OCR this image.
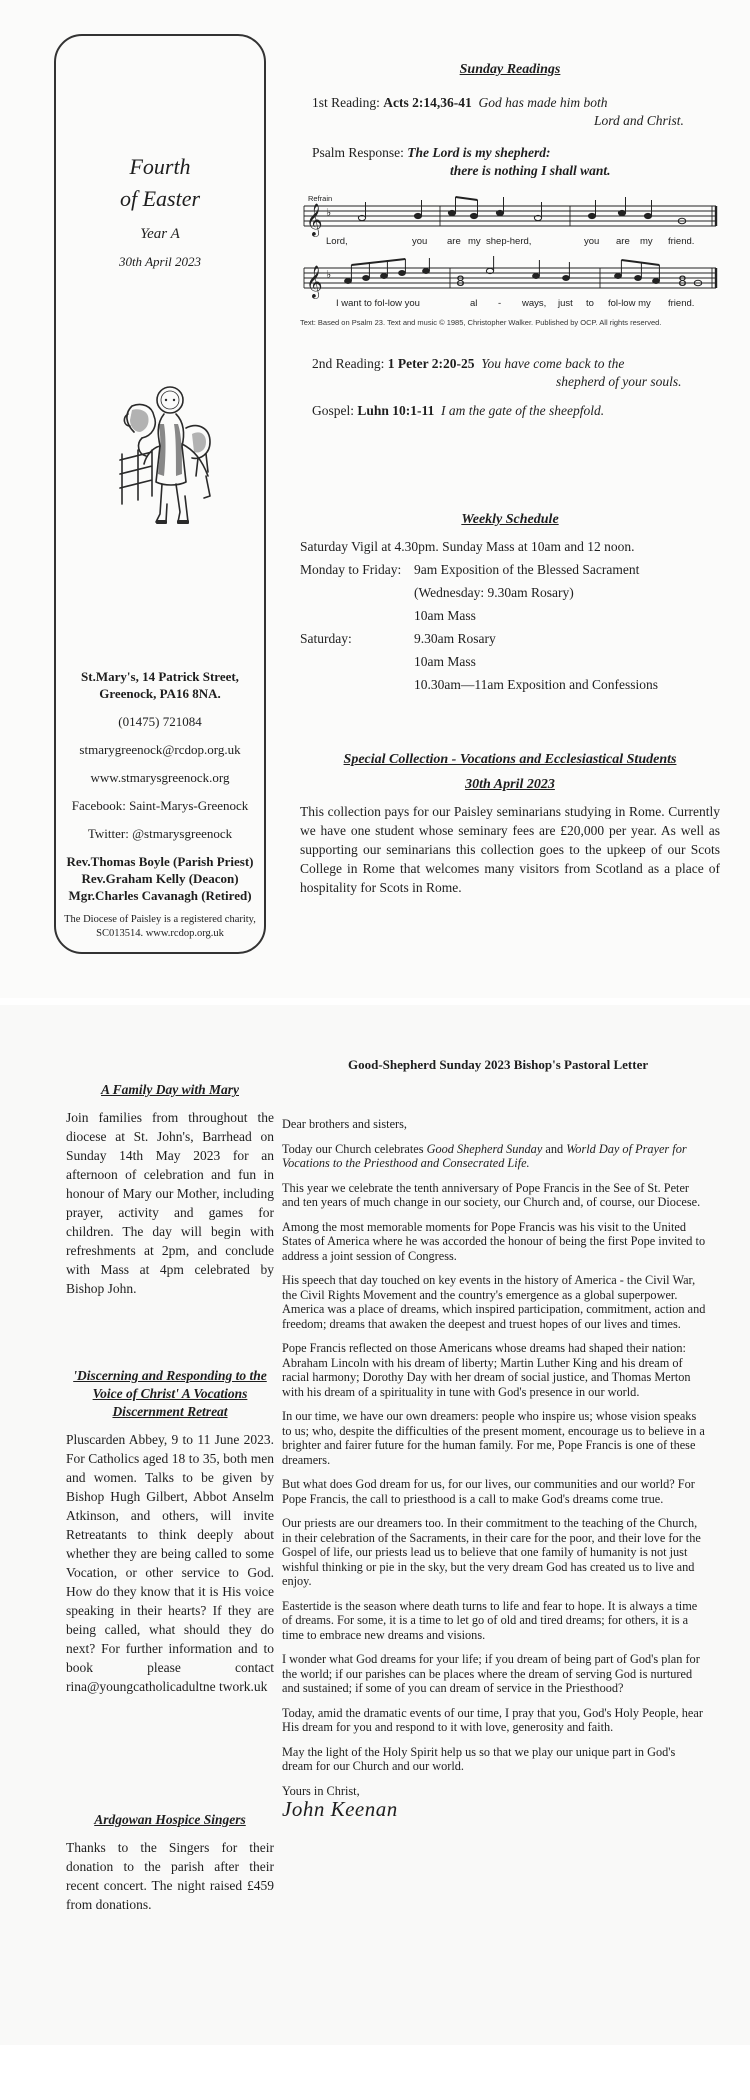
Fourth
of Easter
Year A
30th April 2023

St.Mary's, 14 Patrick Street,
Greenock, PA16 8NA.

(01475) 721084

stmarygreenock@rcdop.org.uk

www.stmarysgreenock.org

Facebook: Saint-Marys-Greenock

Twitter: @stmarysgreenock

Rev.Thomas Boyle (Parish Priest)
Rev.Graham Kelly (Deacon)
Mgr.Charles Cavanagh (Retired)
The Diocese of Paisley is a registered charity,
SC013514. www.rcdop.org.uk
Sunday Readings
1st Reading: Acts 2:14,36-41 God has made him both
Lord and Christ.
Psalm Response: The Lord is my shepherd:
there is nothing I shall want.
𝄞 ♭
Refrain
Lord,	you are my shep-herd,	you are my friend.
𝄞 ♭	8	8
I want to fol-low you	al - ways, just to fol-low my friend.
Text: Based on Psalm 23. Text and music © 1985, Christopher Walker. Published by OCP. All rights reserved.
2nd Reading: 1 Peter 2:20-25 You have come back to the
shepherd of your souls.
Gospel: Luhn 10:1-11 I am the gate of the sheepfold.
Weekly Schedule
Saturday Vigil at 4.30pm. Sunday Mass at 10am and 12 noon.
Monday to Friday: 9am Exposition of the Blessed Sacrament
(Wednesday: 9.30am Rosary)
10am Mass
Saturday:	9.30am Rosary
10am Mass
10.30am—11am Exposition and Confessions
Special Collection - Vocations and Ecclesiastical Students
30th April 2023

This collection pays for our Paisley seminarians studying in Rome. Currently we have one student whose seminary fees are £20,000 per year. As well as supporting our seminarians this collection goes to the upkeep of our Scots College in Rome that welcomes many visitors from Scotland as a place of hospitality for Scots in Rome.

Good-Shepherd Sunday 2023 Bishop's Pastoral Letter
A Family Day with Mary

Join families from throughout the diocese at St. John's, Barrhead on Sunday 14th May 2023 for an afternoon of celebration and fun in honour of Mary our Mother, including prayer, activity and games for children. The day will begin with refreshments at 2pm, and conclude with Mass at 4pm celebrated by Bishop John.

'Discerning and Responding to the Voice of Christ' A Vocations Discernment Retreat

Pluscarden Abbey, 9 to 11 June 2023. For Catholics aged 18 to 35, both men and women. Talks to be given by Bishop Hugh Gilbert, Abbot Anselm Atkinson, and others, will invite Retreatants to think deeply about whether they are being called to some Vocation, or other service to God. How do they know that it is His voice speaking in their hearts? If they are being called, what should they do next? For further information and to book please contact rina@youngcatholicadultne twork.uk

Ardgowan Hospice Singers

Thanks to the Singers for their donation to the parish after their recent concert. The night raised £459 from donations.

Dear brothers and sisters,

Today our Church celebrates Good Shepherd Sunday and World Day of Prayer for Vocations to the Priesthood and Consecrated Life.

This year we celebrate the tenth anniversary of Pope Francis in the See of St. Peter and ten years of much change in our society, our Church and, of course, our Diocese.

Among the most memorable moments for Pope Francis was his visit to the United States of America where he was accorded the honour of being the first Pope invited to address a joint session of Congress.

His speech that day touched on key events in the history of America - the Civil War, the Civil Rights Movement and the country's emergence as a global superpower. America was a place of dreams, which inspired participation, commitment, action and freedom; dreams that awaken the deepest and truest hopes of our lives and times.

Pope Francis reflected on those Americans whose dreams had shaped their nation: Abraham Lincoln with his dream of liberty; Martin Luther King and his dream of racial harmony; Dorothy Day with her dream of social justice, and Thomas Merton with his dream of a spirituality in tune with God's presence in our world.

In our time, we have our own dreamers: people who inspire us; whose vision speaks to us; who, despite the difficulties of the present moment, encourage us to believe in a brighter and fairer future for the human family. For me, Pope Francis is one of these dreamers.

But what does God dream for us, for our lives, our communities and our world? For Pope Francis, the call to priesthood is a call to make God's dreams come true.

Our priests are our dreamers too. In their commitment to the teaching of the Church, in their celebration of the Sacraments, in their care for the poor, and their love for the Gospel of life, our priests lead us to believe that one family of humanity is not just wishful thinking or pie in the sky, but the very dream God has created us to live and enjoy.

Eastertide is the season where death turns to life and fear to hope. It is always a time of dreams. For some, it is a time to let go of old and tired dreams; for others, it is a time to embrace new dreams and visions.

I wonder what God dreams for your life; if you dream of being part of God's plan for the world; if our parishes can be places where the dream of serving God is nurtured and sustained; if some of you can dream of service in the Priesthood?

Today, amid the dramatic events of our time, I pray that you, God's Holy People, hear His dream for you and respond to it with love, generosity and faith.

May the light of the Holy Spirit help us so that we play our unique part in God's dream for our Church and our world.

Yours in Christ,

John Keenan
